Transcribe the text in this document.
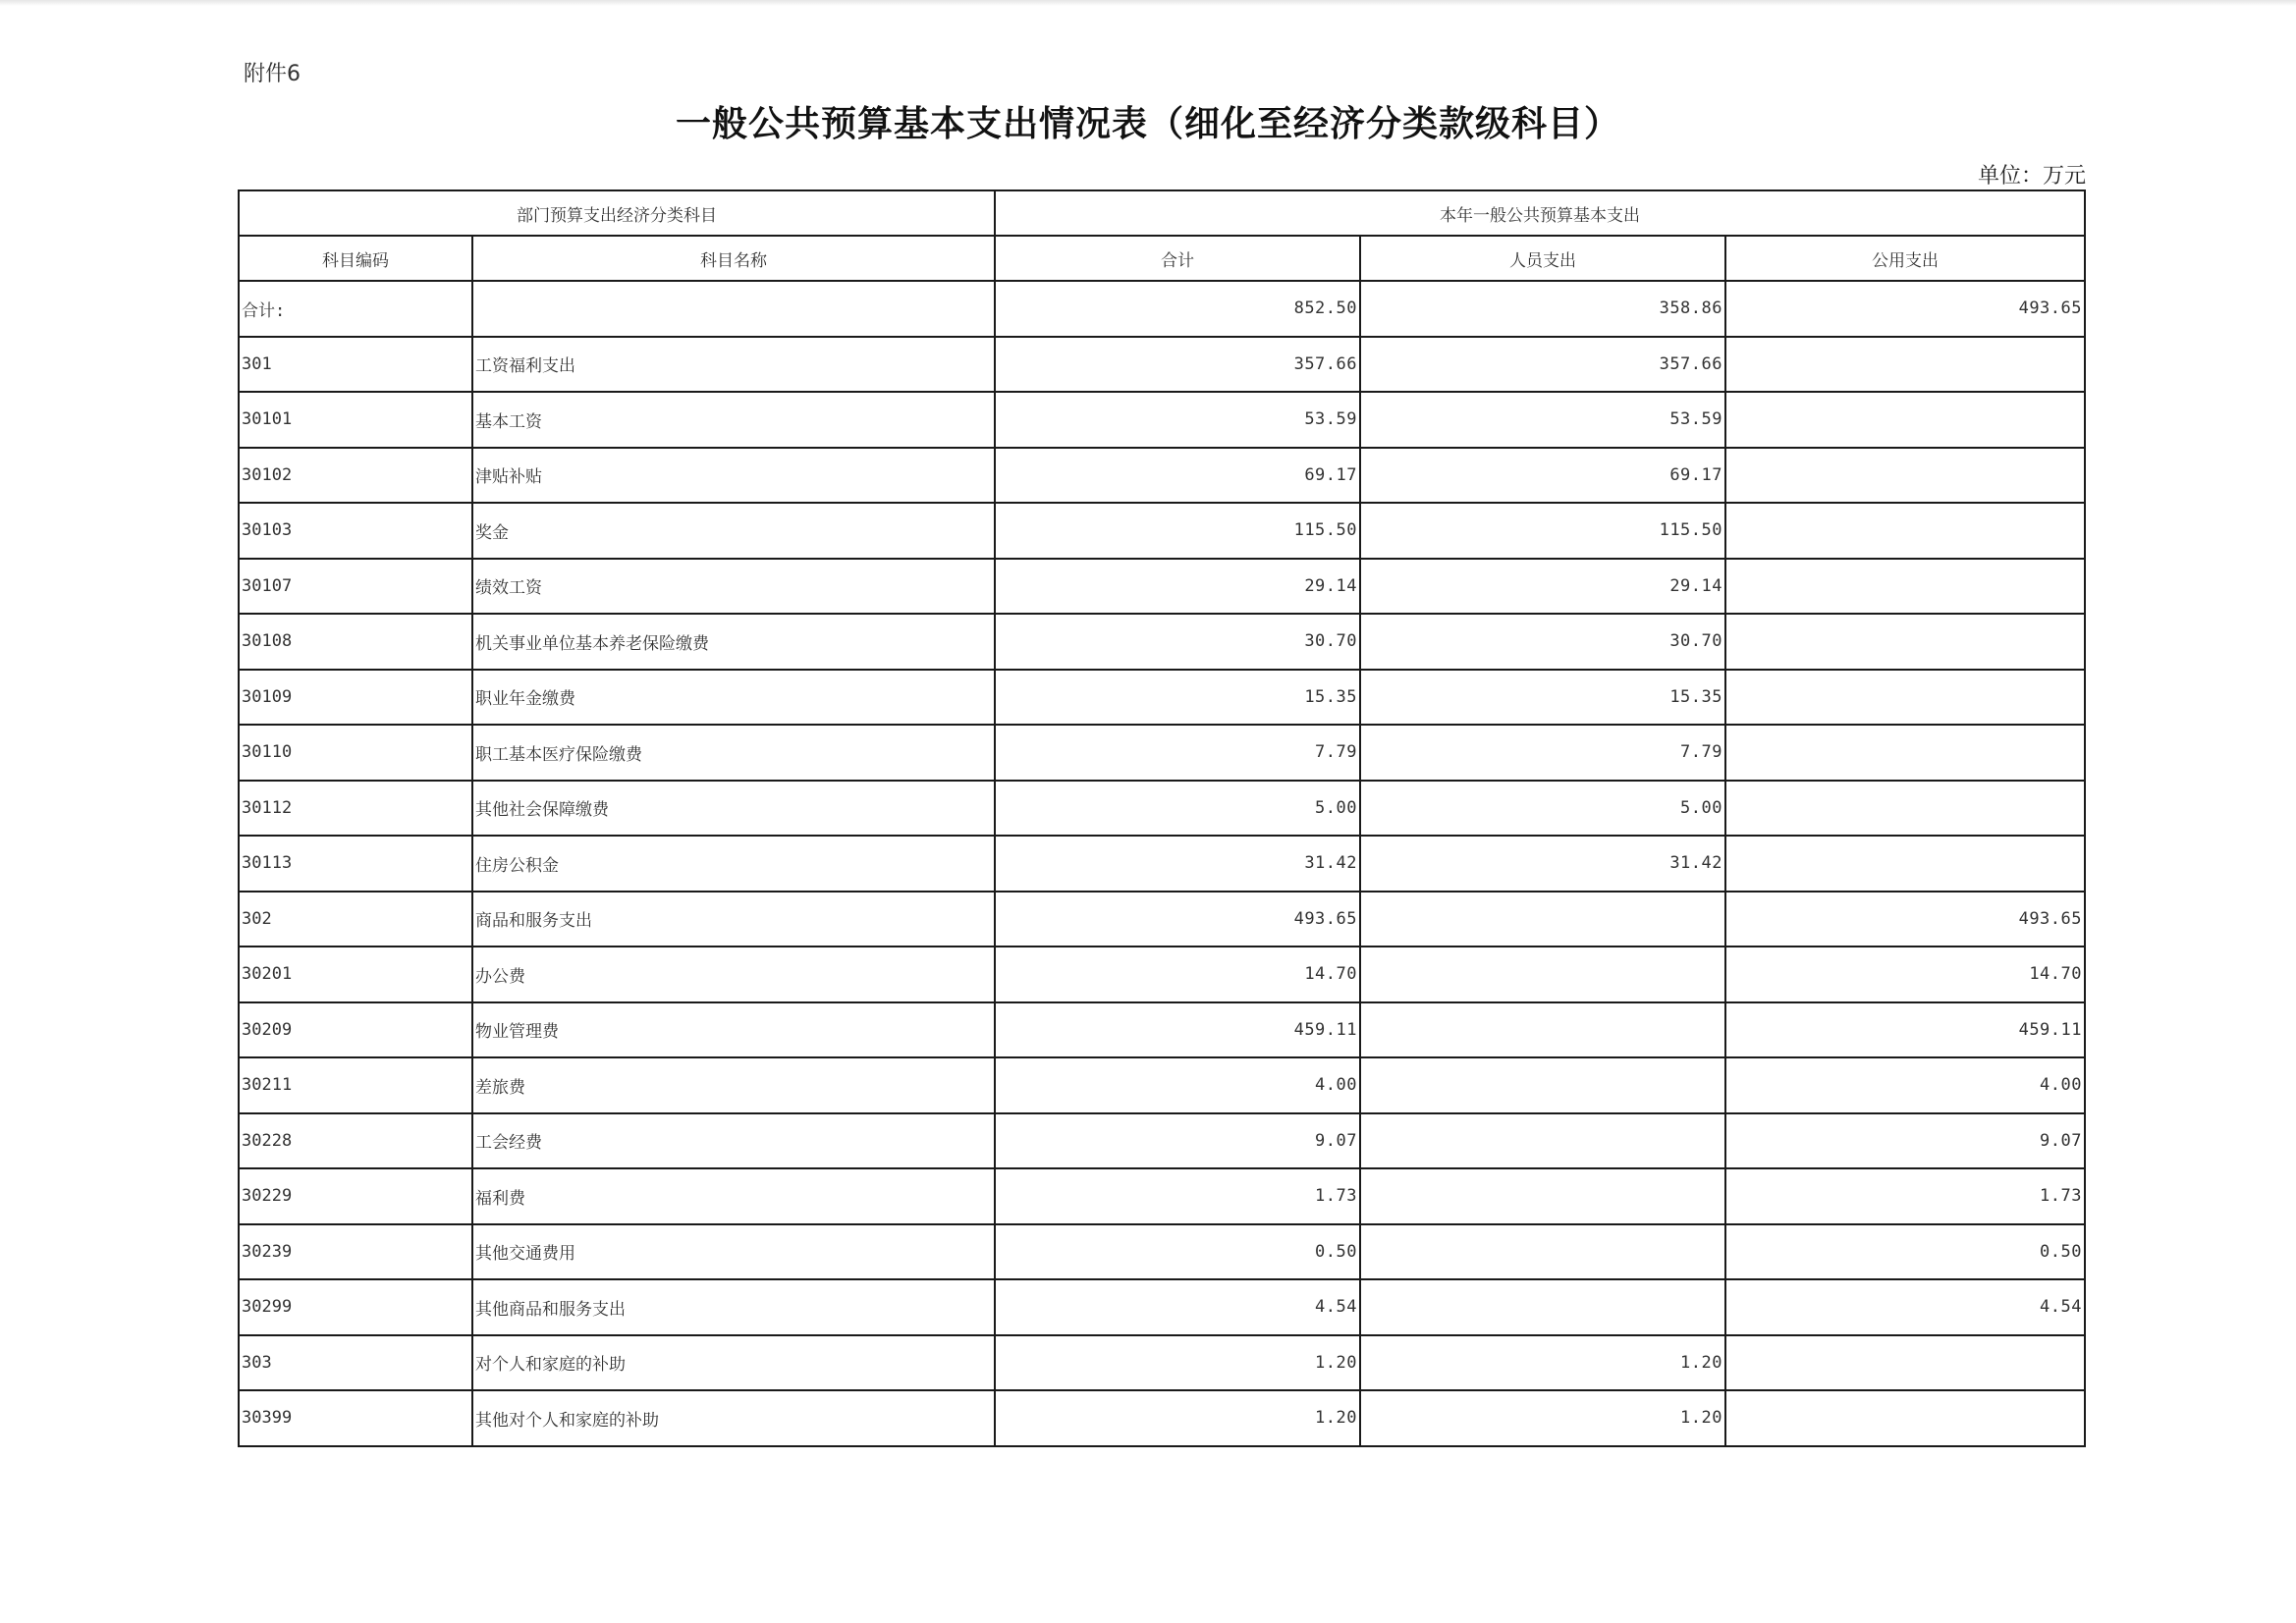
附件6
一般公共预算基本支出情况表（细化至经济分类款级科目）
单位：万元
部门预算支出经济分类科目		本年一般公共预算基本支出		
科目编码	科目名称	合计	人员支出	公用支出
合计:		852.50	358.86	493.65
301	工资福利支出	357.66	357.66	
30101	基本工资	53.59	53.59	
30102	津贴补贴	69.17	69.17	
30103	奖金	115.50	115.50	
30107	绩效工资	29.14	29.14	
30108	机关事业单位基本养老保险缴费	30.70	30.70	
30109	职业年金缴费	15.35	15.35	
30110	职工基本医疗保险缴费	7.79	7.79	
30112	其他社会保障缴费	5.00	5.00	
30113	住房公积金	31.42	31.42	
302	商品和服务支出	493.65		493.65
30201	办公费	14.70		14.70
30209	物业管理费	459.11		459.11
30211	差旅费	4.00		4.00
30228	工会经费	9.07		9.07
30229	福利费	1.73		1.73
30239	其他交通费用	0.50		0.50
30299	其他商品和服务支出	4.54		4.54
303	对个人和家庭的补助	1.20	1.20	
30399	其他对个人和家庭的补助	1.20	1.20	
